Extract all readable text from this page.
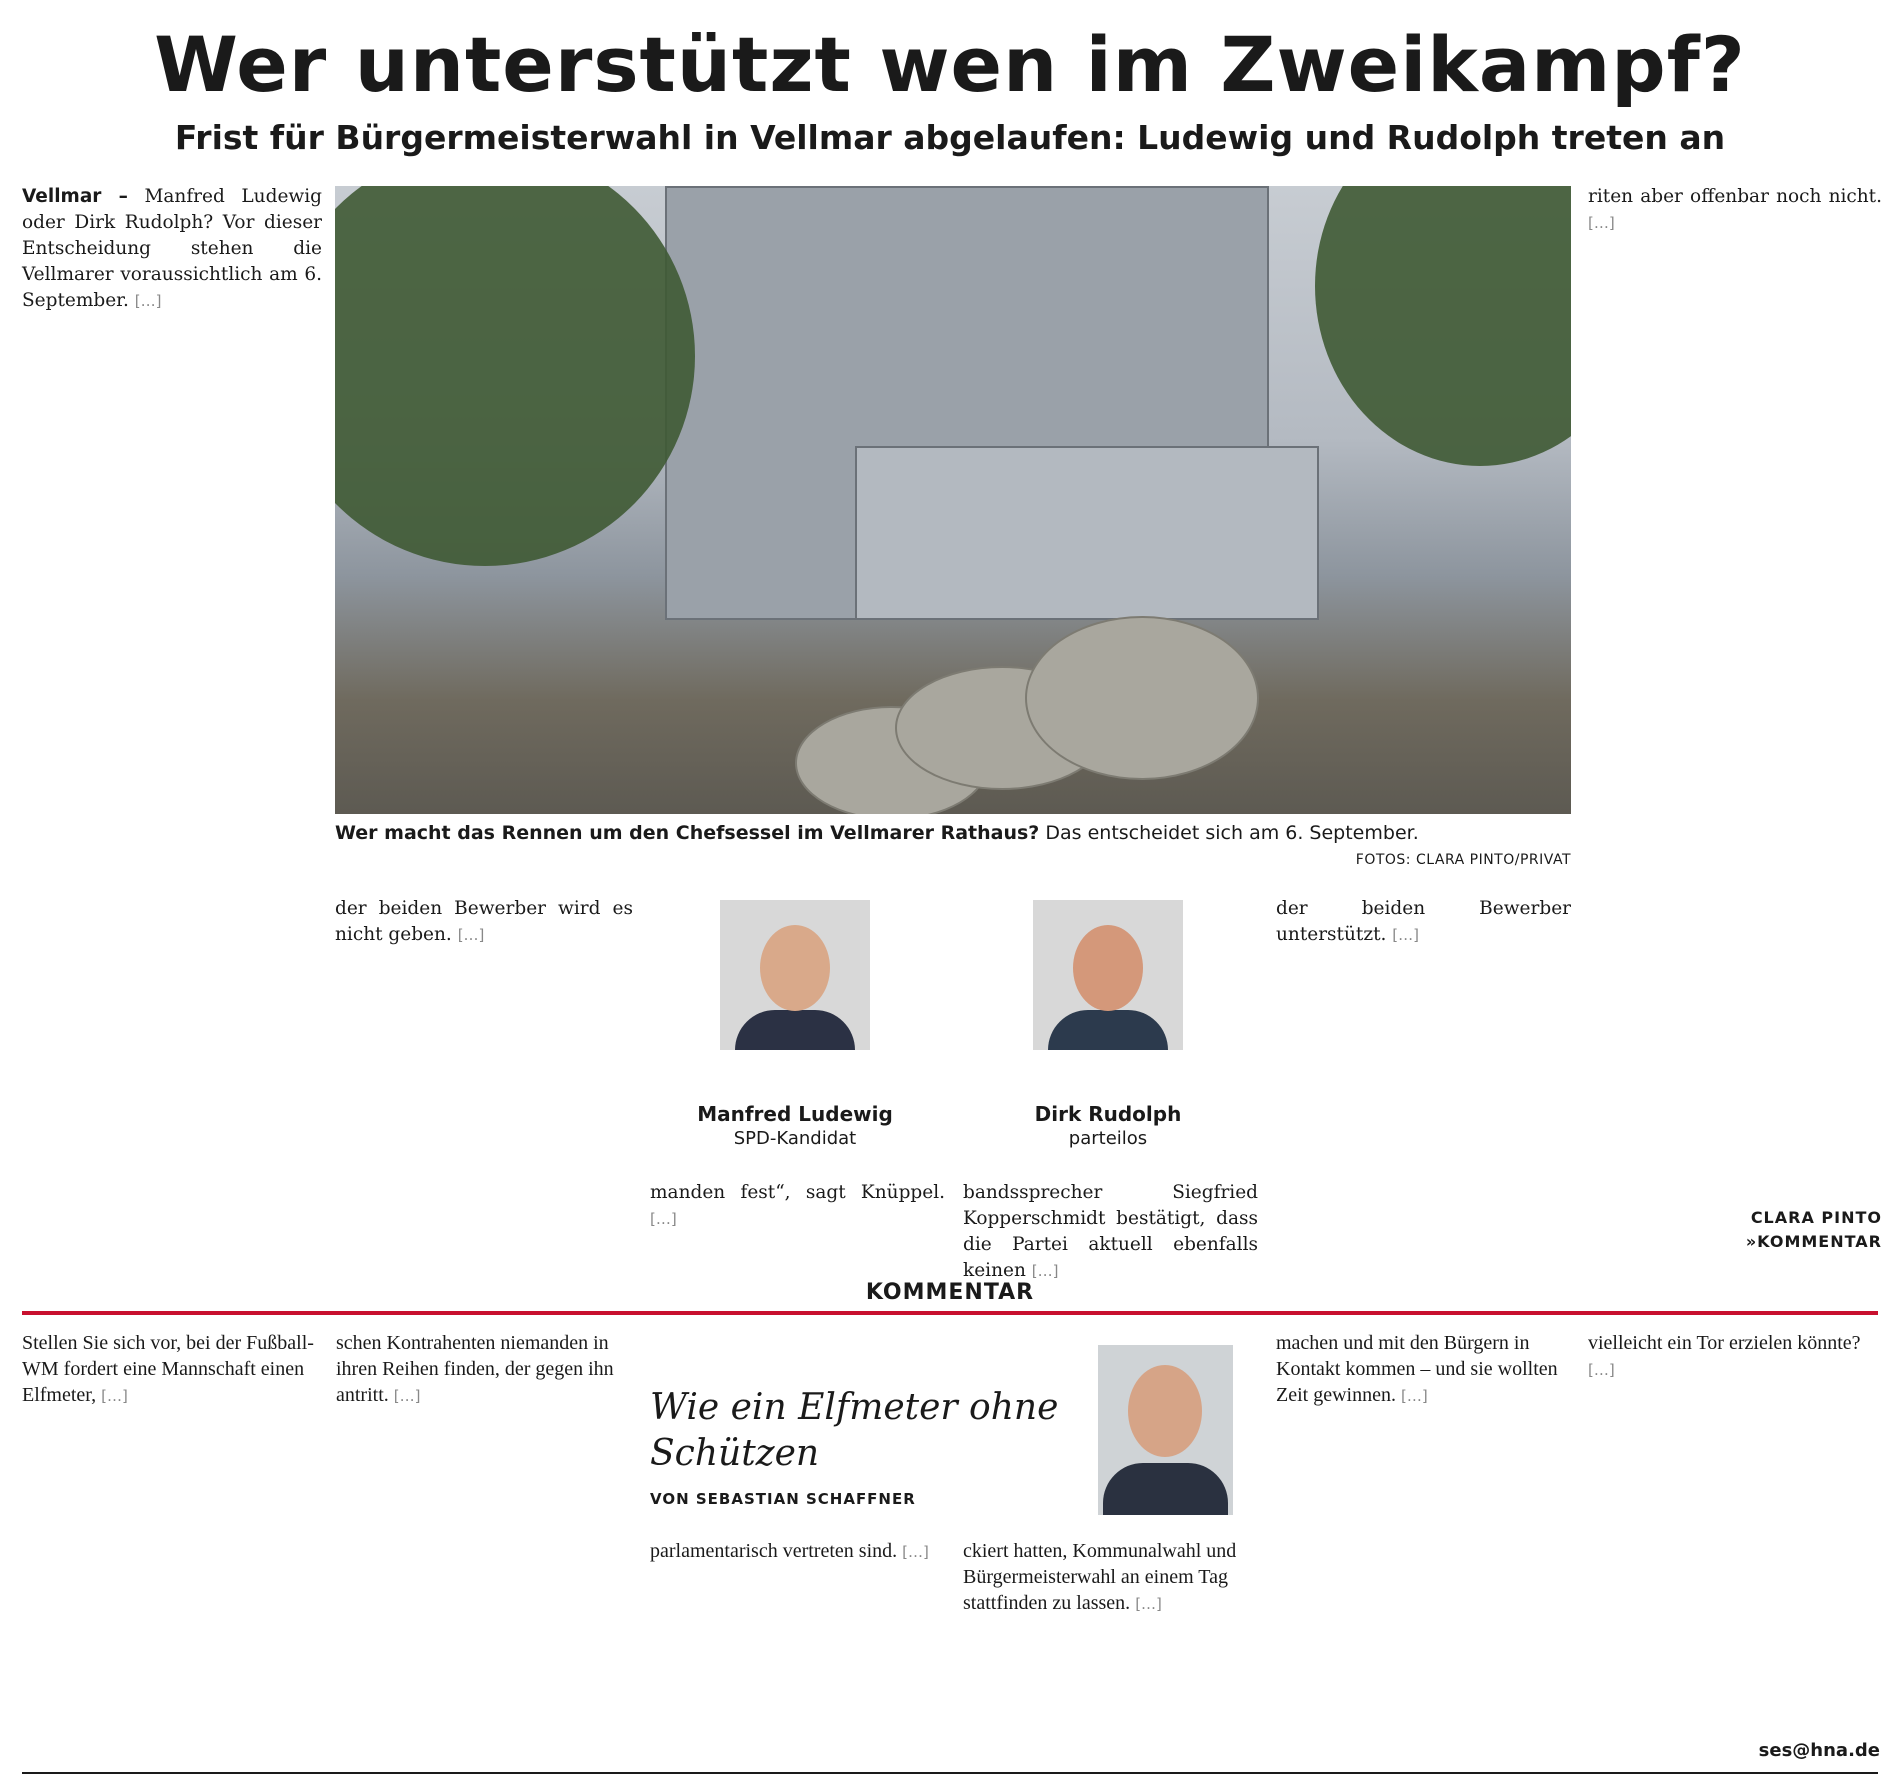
Wer unterstützt wen im Zweikampf?
Frist für Bürgermeisterwahl in Vellmar abgelaufen: Ludewig und Rudolph treten an

Vellmar – Manfred Ludewig oder Dirk Rudolph? Vor dieser Entscheidung stehen die Vellmarer voraussichtlich am 6. September. […]

Wer macht das Rennen um den Chefsessel im Vellmarer Rathaus? Das entscheidet sich am 6. September.
FOTOS: CLARA PINTO/PRIVAT

der beiden Bewerber wird es nicht geben. […]

Manfred Ludewig
SPD-Kandidat
Dirk Rudolph
parteilos

manden fest“, sagt Knüppel. […]

bandssprecher Siegfried Kopperschmidt bestätigt, dass die Partei aktuell ebenfalls keinen […]

der beiden Bewerber unterstützt. […]

riten aber offenbar noch nicht. […]

CLARA PINTO
»KOMMENTAR
KOMMENTAR

Stellen Sie sich vor, bei der Fußball-WM fordert eine Mannschaft einen Elfmeter, […]

schen Kontrahenten niemanden in ihren Reihen finden, der gegen ihn antritt. […]	Wie ein Elfmeter ohne Schützen
VON SEBASTIAN SCHAFFNER

parlamentarisch vertreten sind. […]	ckiert hatten, Kommunalwahl und Bürgermeisterwahl an einem Tag stattfinden zu lassen. […]

machen und mit den Bürgern in Kontakt kommen – und sie wollten Zeit gewinnen. […]

vielleicht ein Tor erzielen könnte? […]

ses@hna.de
